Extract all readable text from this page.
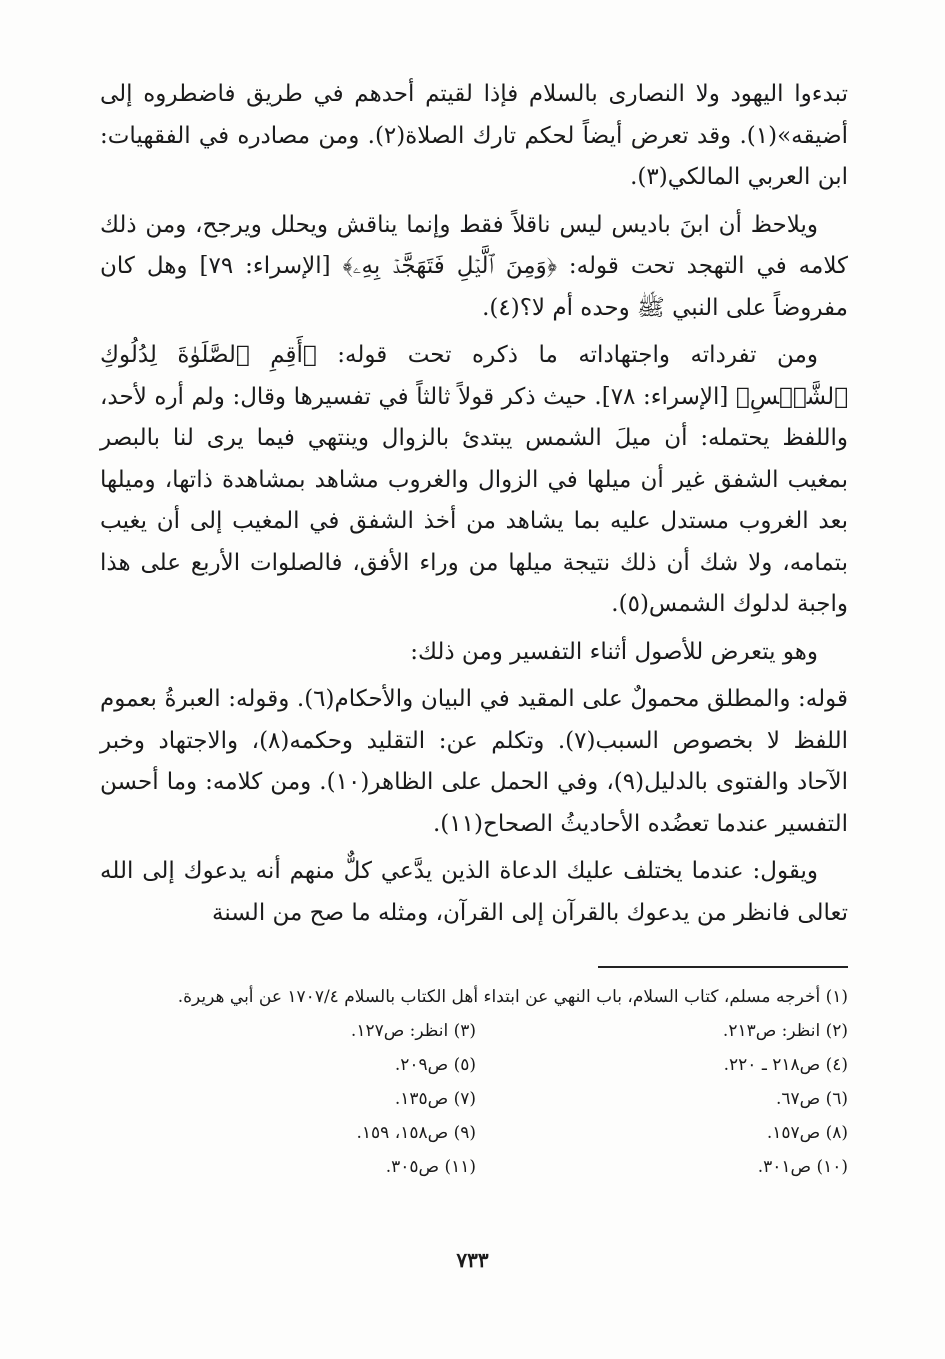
تبدءوا اليهود ولا النصارى بالسلام فإذا لقيتم أحدهم في طريق فاضطروه إلى أضيقه»(١). وقد تعرض أيضاً لحكم تارك الصلاة(٢). ومن مصادره في الفقهيات: ابن العربي المالكي(٣).

ويلاحظ أن ابنَ باديس ليس ناقلاً فقط وإنما يناقش ويحلل ويرجح، ومن ذلك كلامه في التهجد تحت قوله: ﴿وَمِنَ ٱلَّيۡلِ فَتَهَجَّدۡ بِهِۦ﴾ [الإسراء: ٧٩] وهل كان مفروضاً على النبي ﷺ وحده أم لا؟(٤).

ومن تفرداته واجتهاداته ما ذكره تحت قوله: ﴿أَقِمِ ٱلصَّلَوٰةَ لِدُلُوكِ ٱلشَّمۡسِ﴾ [الإسراء: ٧٨]. حيث ذكر قولاً ثالثاً في تفسيرها وقال: ولم أره لأحد، واللفظ يحتمله: أن ميلَ الشمس يبتدئ بالزوال وينتهي فيما يرى لنا بالبصر بمغيب الشفق غير أن ميلها في الزوال والغروب مشاهد بمشاهدة ذاتها، وميلها بعد الغروب مستدل عليه بما يشاهد من أخذ الشفق في المغيب إلى أن يغيب بتمامه، ولا شك أن ذلك نتيجة ميلها من وراء الأفق، فالصلوات الأربع على هذا واجبة لدلوك الشمس(٥).

وهو يتعرض للأصول أثناء التفسير ومن ذلك:

قوله: والمطلق محمولٌ على المقيد في البيان والأحكام(٦). وقوله: العبرةُ بعموم اللفظ لا بخصوص السبب(٧). وتكلم عن: التقليد وحكمه(٨)، والاجتهاد وخبر الآحاد والفتوى بالدليل(٩)، وفي الحمل على الظاهر(١٠). ومن كلامه: وما أحسن التفسير عندما تعضُده الأحاديثُ الصحاح(١١).

ويقول: عندما يختلف عليك الدعاة الذين يدَّعي كلٌّ منهم أنه يدعوك إلى الله تعالى فانظر من يدعوك بالقرآن إلى القرآن، ومثله ما صح من السنة

(١) أخرجه مسلم، كتاب السلام، باب النهي عن ابتداء أهل الكتاب بالسلام ١٧٠٧/٤ عن أبي هريرة.

(٢) انظر: ص٢١٣.
(٣) انظر: ص١٢٧.
(٤) ص٢١٨ ـ ٢٢٠.
(٥) ص٢٠٩.
(٦) ص٦٧.
(٧) ص١٣٥.
(٨) ص١٥٧.
(٩) ص١٥٨، ١٥٩.
(١٠) ص٣٠١.
(١١) ص٣٠٥.
٧٣٣
